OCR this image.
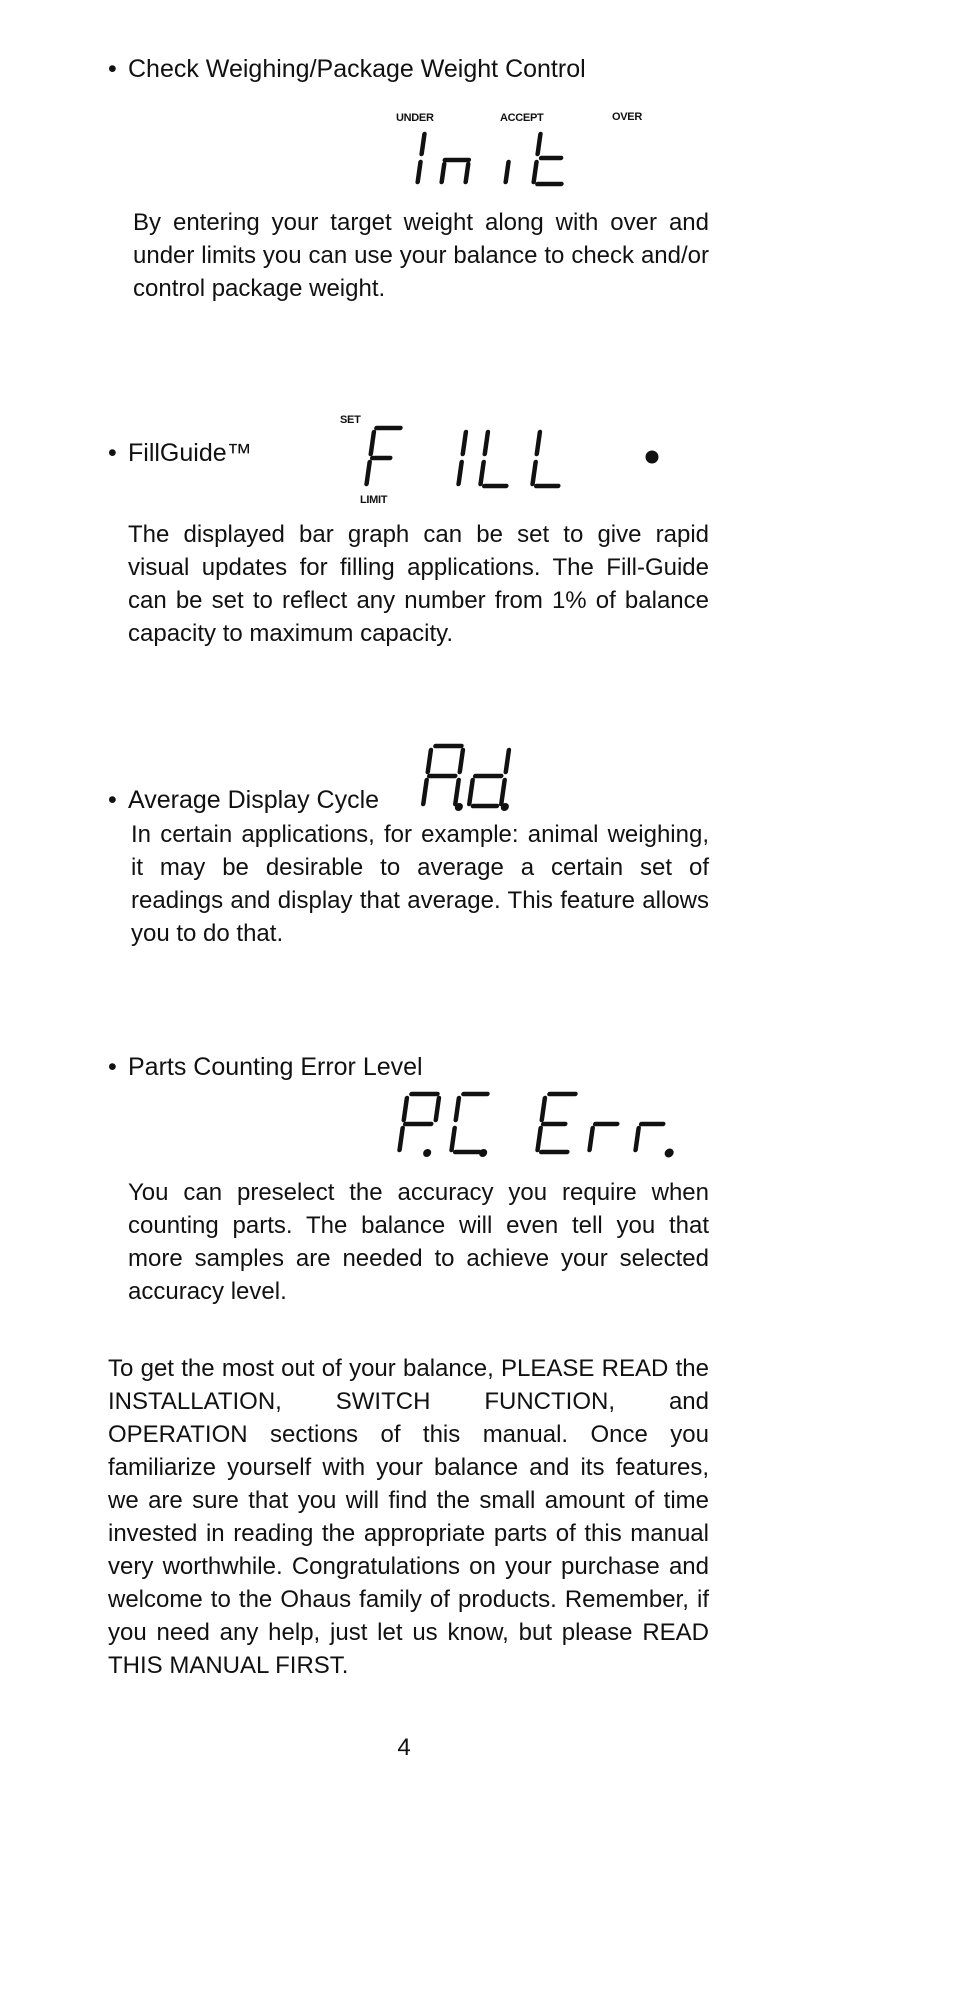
• Check Weighing/Package Weight Control
UNDER	ACCEPT	OVER
By entering your target weight along with over and under limits you can use your balance to check and/or control package weight.
SET
• FillGuide™
LIMIT
The displayed bar graph can be set to give rapid visual updates for filling applications. The Fill-Guide can be set to reflect any number from 1% of balance capacity to maximum capacity.
• Average Display Cycle
In certain applications, for example: animal weighing, it may be desirable to average a certain set of readings and display that average. This feature allows you to do that.
• Parts Counting Error Level
You can preselect the accuracy you require when counting parts. The balance will even tell you that more samples are needed to achieve your selected accuracy level.
To get the most out of your balance, PLEASE READ the INSTALLATION, SWITCH FUNCTION, and OPERATION sections of this manual. Once you familiarize yourself with your balance and its features, we are sure that you will find the small amount of time invested in reading the appropriate parts of this manual very worthwhile. Congratulations on your purchase and welcome to the Ohaus family of products. Remember, if you need any help, just let us know, but please READ THIS MANUAL FIRST.
4
